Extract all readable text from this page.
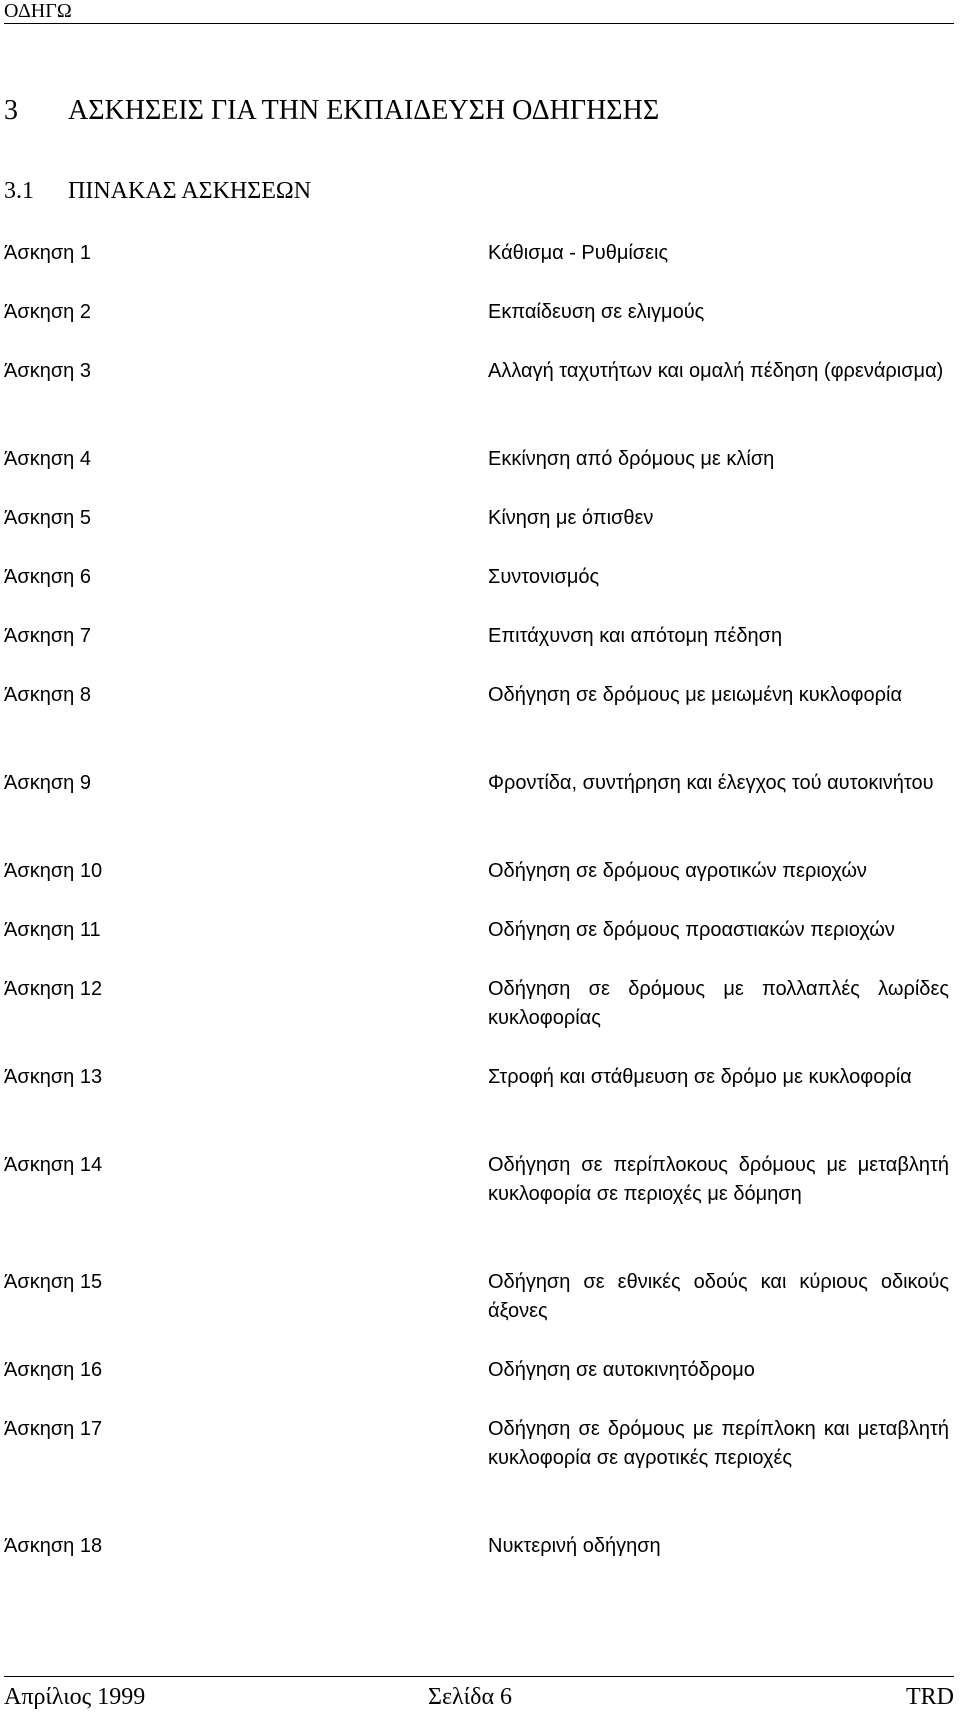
ΟΔΗΓΩ
3 ΑΣΚΗΣΕΙΣ ΓΙΑ ΤΗΝ ΕΚΠΑΙΔΕΥΣΗ ΟΔΗΓΗΣΗΣ
3.1 ΠΙΝΑΚΑΣ ΑΣΚΗΣΕΩΝ
Άσκηση 1	Κάθισμα - Ρυθμίσεις
Άσκηση 2	Εκπαίδευση σε ελιγμούς
Άσκηση 3	Αλλαγή ταχυτήτων και ομαλή πέδηση (φρενάρισμα)
Άσκηση 4	Εκκίνηση από δρόμους με κλίση
Άσκηση 5	Κίνηση με όπισθεν
Άσκηση 6	Συντονισμός
Άσκηση 7	Επιτάχυνση και απότομη πέδηση
Άσκηση 8	Οδήγηση σε δρόμους με μειωμένη κυκλοφορία
Άσκηση 9	Φροντίδα, συντήρηση και έλεγχος τού αυτοκινήτου
Άσκηση 10	Οδήγηση σε δρόμους αγροτικών περιοχών
Άσκηση 11	Οδήγηση σε δρόμους προαστιακών περιοχών
Άσκηση 12	Οδήγηση σε δρόμους με πολλαπλές λωρίδες κυκλοφορίας
Άσκηση 13	Στροφή και στάθμευση σε δρόμο με κυκλοφορία
Άσκηση 14	Οδήγηση σε περίπλοκους δρόμους με μεταβλητή κυκλοφορία σε περιοχές με δόμηση
Άσκηση 15	Οδήγηση σε εθνικές οδούς και κύριους οδικούς άξονες
Άσκηση 16	Οδήγηση σε αυτοκινητόδρομο
Άσκηση 17	Οδήγηση σε δρόμους με περίπλοκη και μεταβλητή κυκλοφορία σε αγροτικές περιοχές
Άσκηση 18	Νυκτερινή οδήγηση
Απρίλιος 1999	Σελίδα 6	TRD
